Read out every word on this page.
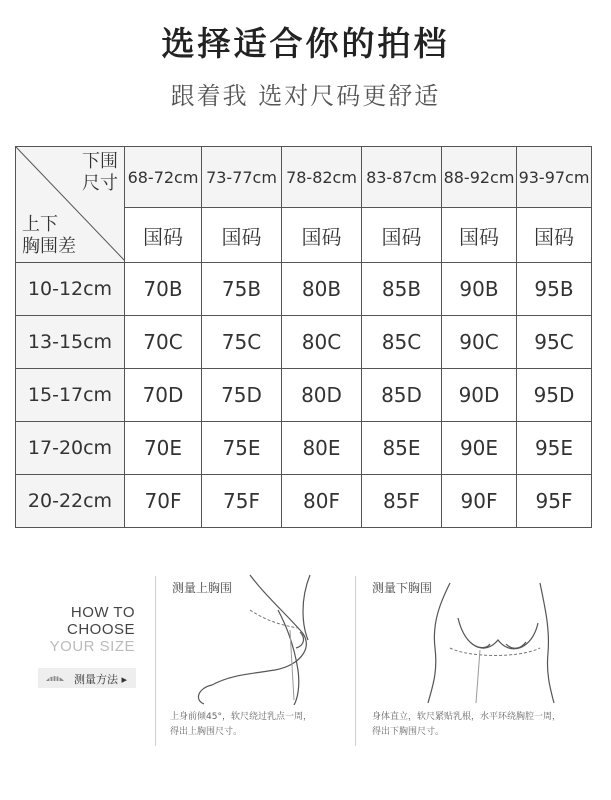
选择适合你的拍档
跟着我 选对尺码更舒适
下围
尺寸
上下
胸围差	68-72cm	73-77cm	78-82cm	83-87cm	88-92cm	93-97cm
	国码	国码	国码	国码	国码	国码
10-12cm	70B	75B	80B	85B	90B	95B
13-15cm	70C	75C	80C	85C	90C	95C
15-17cm	70D	75D	80D	85D	90D	95D
17-20cm	70E	75E	80E	85E	90E	95E
20-22cm	70F	75F	80F	85F	90F	95F
HOW TO
CHOOSE
YOUR SIZE
测量方法 ▸
测量上胸围
上身前倾45°，软尺绕过乳点一周，
得出上胸围尺寸。
测量下胸围
身体直立，软尺紧贴乳根，水平环绕胸腔一周，
得出下胸围尺寸。
